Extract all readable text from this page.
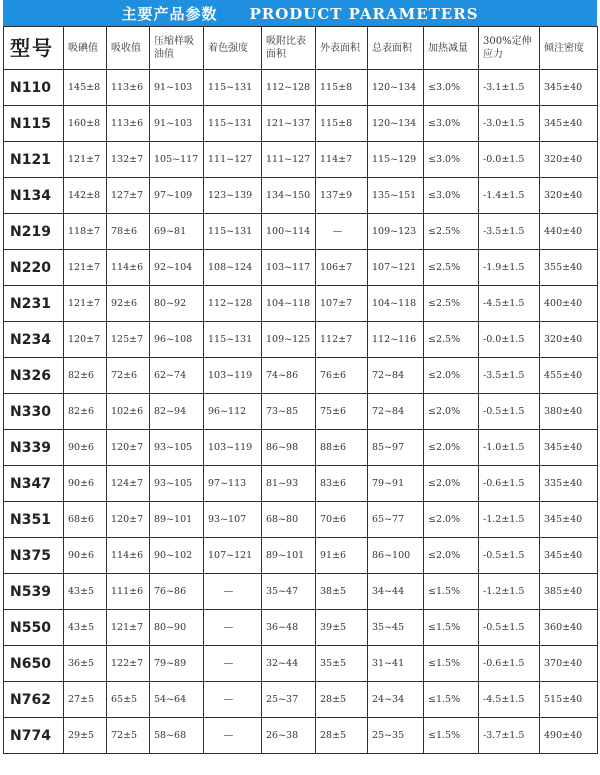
主要产品参数　　PRODUCT PARAMETERS
型号	吸碘值	吸收值	压缩样吸油值	着色强度	吸附比表面积	外表面积	总表面积	加热减量	300%定伸应力	倾注密度
N110	145±8	113±6	91~103	115~131	112~128	115±8	120~134	≤3.0%	-3.1±1.5	345±40
N115	160±8	113±6	91~103	115~131	121~137	115±8	120~134	≤3.0%	-3.0±1.5	345±40
N121	121±7	132±7	105~117	111~127	111~127	114±7	115~129	≤3.0%	-0.0±1.5	320±40
N134	142±8	127±7	97~109	123~139	134~150	137±9	135~151	≤3.0%	-1.4±1.5	320±40
N219	118±7	78±6	69~81	115~131	100~114	—	109~123	≤2.5%	-3.5±1.5	440±40
N220	121±7	114±6	92~104	108~124	103~117	106±7	107~121	≤2.5%	-1.9±1.5	355±40
N231	121±7	92±6	80~92	112~128	104~118	107±7	104~118	≤2.5%	-4.5±1.5	400±40
N234	120±7	125±7	96~108	115~131	109~125	112±7	112~116	≤2.5%	-0.0±1.5	320±40
N326	82±6	72±6	62~74	103~119	74~86	76±6	72~84	≤2.0%	-3.5±1.5	455±40
N330	82±6	102±6	82~94	96~112	73~85	75±6	72~84	≤2.0%	-0.5±1.5	380±40
N339	90±6	120±7	93~105	103~119	86~98	88±6	85~97	≤2.0%	-1.0±1.5	345±40
N347	90±6	124±7	93~105	97~113	81~93	83±6	79~91	≤2.0%	-0.6±1.5	335±40
N351	68±6	120±7	89~101	93~107	68~80	70±6	65~77	≤2.0%	-1.2±1.5	345±40
N375	90±6	114±6	90~102	107~121	89~101	91±6	86~100	≤2.0%	-0.5±1.5	345±40
N539	43±5	111±6	76~86	—	35~47	38±5	34~44	≤1.5%	-1.2±1.5	385±40
N550	43±5	121±7	80~90	—	36~48	39±5	35~45	≤1.5%	-0.5±1.5	360±40
N650	36±5	122±7	79~89	—	32~44	35±5	31~41	≤1.5%	-0.6±1.5	370±40
N762	27±5	65±5	54~64	—	25~37	28±5	24~34	≤1.5%	-4.5±1.5	515±40
N774	29±5	72±5	58~68	—	26~38	28±5	25~35	≤1.5%	-3.7±1.5	490±40
